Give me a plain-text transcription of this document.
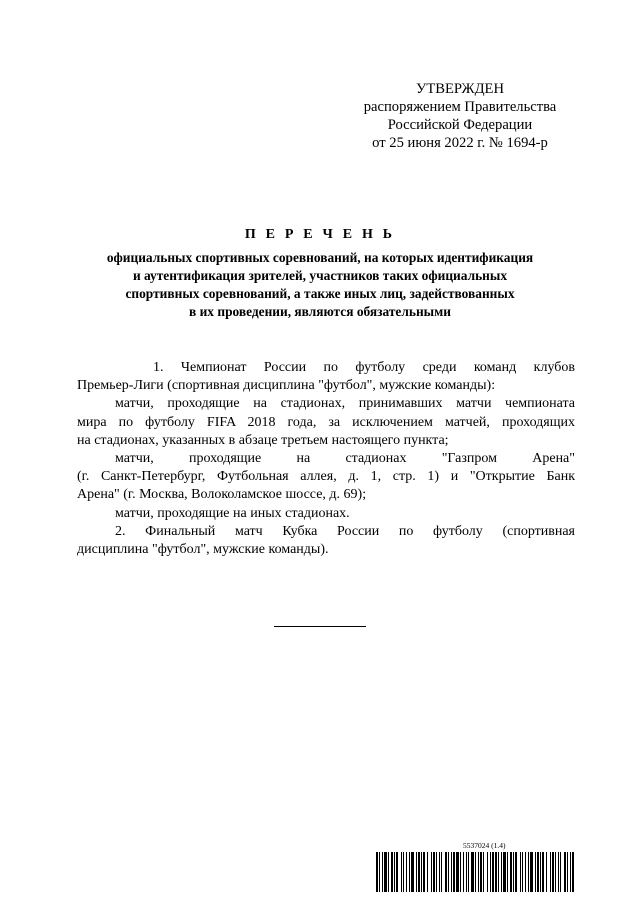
УТВЕРЖДЕН
распоряжением Правительства
Российской Федерации
от 25 июня 2022 г. № 1694-р
П Е Р Е Ч Е Н Ь
официальных спортивных соревнований, на которых идентификация
и аутентификация зрителей, участников таких официальных
спортивных соревнований, а также иных лиц, задействованных
в их проведении, являются обязательными

1. Чемпионат России по футболу среди команд клубов
Премьер-Лиги (спортивная дисциплина "футбол", мужские команды):

матчи, проходящие на стадионах, принимавших матчи чемпионата
мира по футболу FIFA 2018 года, за исключением матчей, проходящих
на стадионах, указанных в абзаце третьем настоящего пункта;

матчи, проходящие на стадионах "Газпром Арена"
(г. Санкт-Петербург, Футбольная аллея, д. 1, стр. 1) и "Открытие Банк
Арена" (г. Москва, Волоколамское шоссе, д. 69);

матчи, проходящие на иных стадионах.

2. Финальный матч Кубка России по футболу (спортивная
дисциплина "футбол", мужские команды).

5537024 (1.4)
